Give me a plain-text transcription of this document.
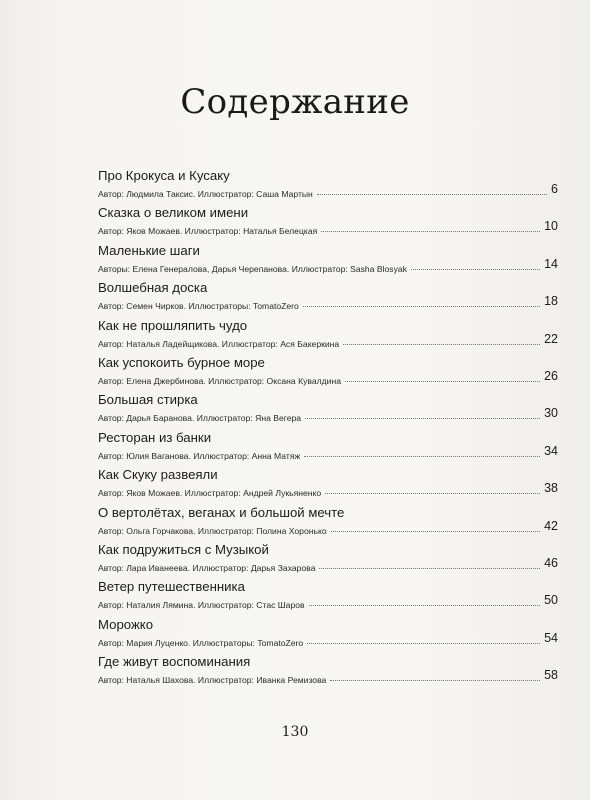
Содержание
Про Крокуса и Кусаку
Автор: Людмила Таксис. Иллюстратор: Саша Мартын	6
Сказка о великом имени
Автор: Яков Можаев. Иллюстратор: Наталья Белецкая	10
Маленькие шаги
Авторы: Елена Генералова, Дарья Черепанова. Иллюстратор: Sasha Blosyak	14
Волшебная доска
Автор: Семен Чирков. Иллюстраторы: TomatoZero	18
Как не прошляпить чудо
Автор: Наталья Ладейщикова. Иллюстратор: Ася Бакеркина	22
Как успокоить бурное море
Автор: Елена Джербинова. Иллюстратор: Оксана Кувалдина	26
Большая стирка
Автор: Дарья Баранова. Иллюстратор: Яна Вегера	30
Ресторан из банки
Автор: Юлия Ваганова. Иллюстратор: Анна Матяж	34
Как Скуку развеяли
Автор: Яков Можаев. Иллюстратор: Андрей Лукьяненко	38
О вертолётах, веганах и большой мечте
Автор: Ольга Горчакова. Иллюстратор: Полина Хоронько	42
Как подружиться с Музыкой
Автор: Лара Иванеева. Иллюстратор: Дарья Захарова	46
Ветер путешественника
Автор: Наталия Лямина. Иллюстратор: Стас Шаров	50
Морожко
Автор: Мария Луценко. Иллюстраторы: TomatoZero	54
Где живут воспоминания
Автор: Наталья Шахова. Иллюстратор: Иванка Ремизова	58
130
